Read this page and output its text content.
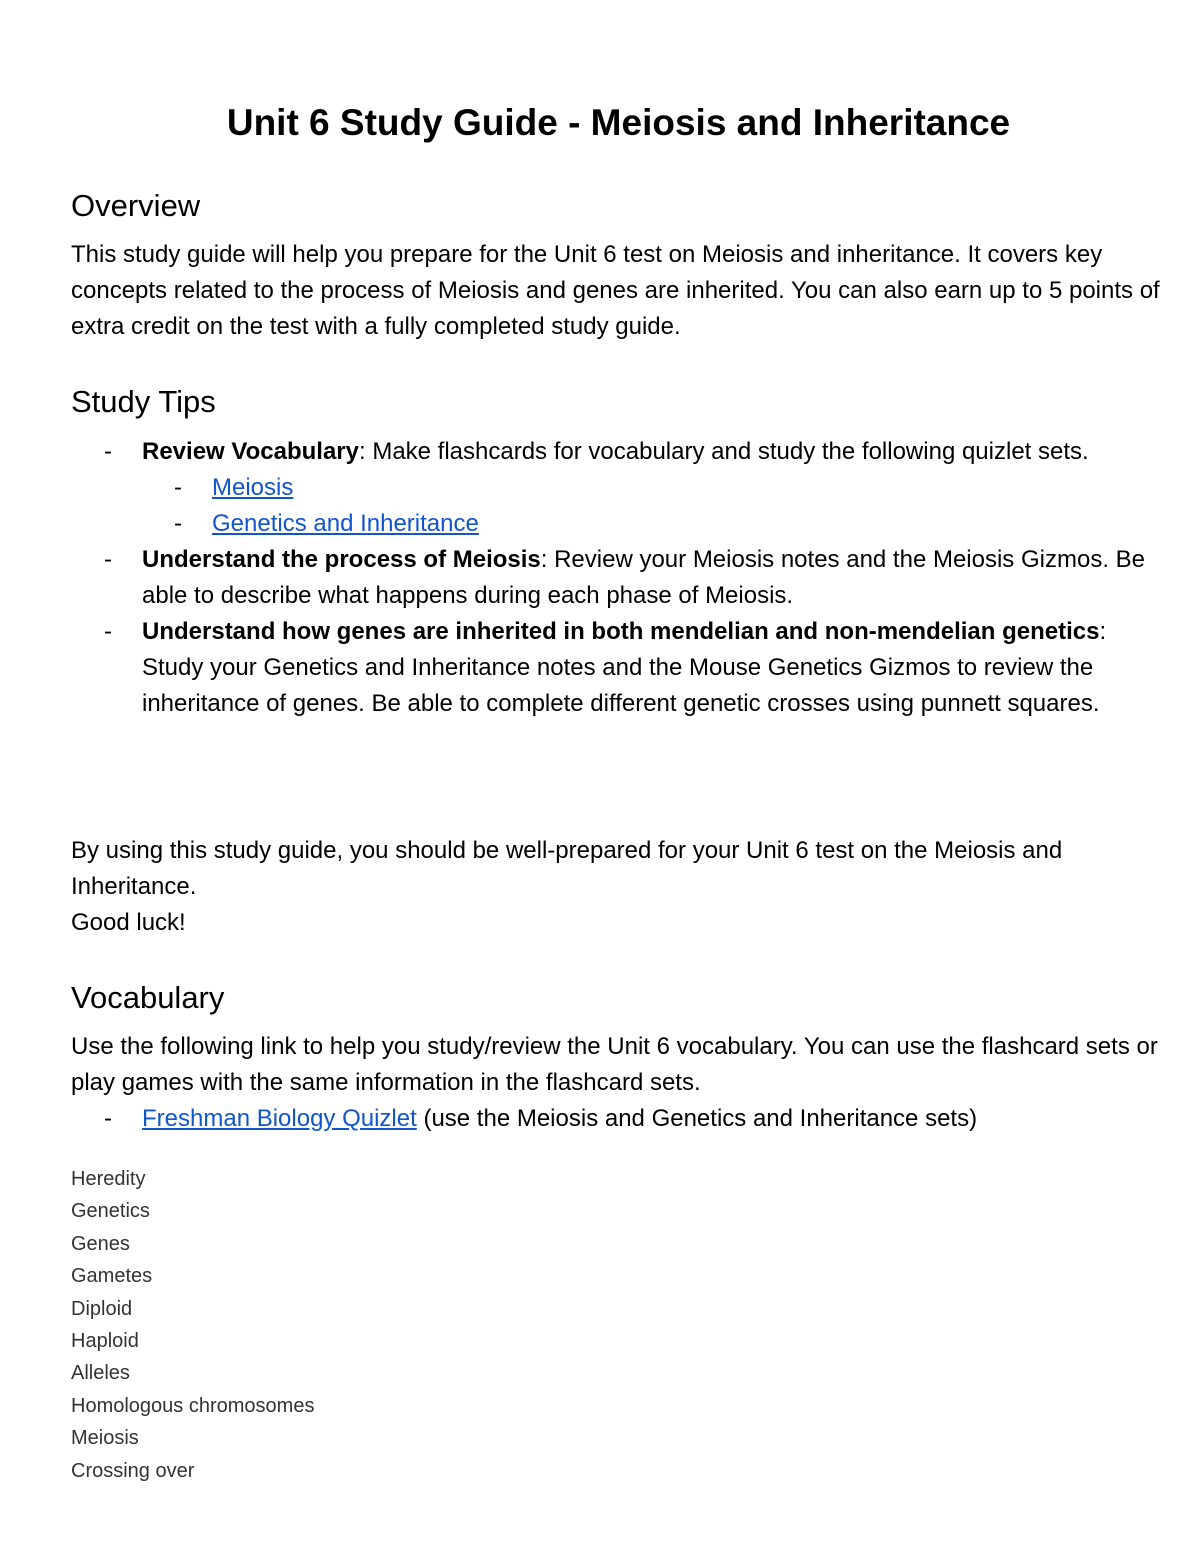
Unit 6 Study Guide - Meiosis and Inheritance
Overview

This study guide will help you prepare for the Unit 6 test on Meiosis and inheritance. It covers key concepts related to the process of Meiosis and genes are inherited. You can also earn up to 5 points of extra credit on the test with a fully completed study guide.

Study Tips
- Review Vocabulary: Make flashcards for vocabulary and study the following quizlet sets.
- Meiosis
- Genetics and Inheritance
- Understand the process of Meiosis: Review your Meiosis notes and the Meiosis Gizmos. Be able to describe what happens during each phase of Meiosis.
- Understand how genes are inherited in both mendelian and non-mendelian genetics: Study your Genetics and Inheritance notes and the Mouse Genetics Gizmos to review the inheritance of genes. Be able to complete different genetic crosses using punnett squares.

By using this study guide, you should be well-prepared for your Unit 6 test on the Meiosis and Inheritance.

Good luck!

Vocabulary

Use the following link to help you study/review the Unit 6 vocabulary. You can use the flashcard sets or play games with the same information in the flashcard sets.

- Freshman Biology Quizlet (use the Meiosis and Genetics and Inheritance sets)
Heredity
Genetics
Genes
Gametes
Diploid
Haploid
Alleles
Homologous chromosomes
Meiosis
Crossing over
